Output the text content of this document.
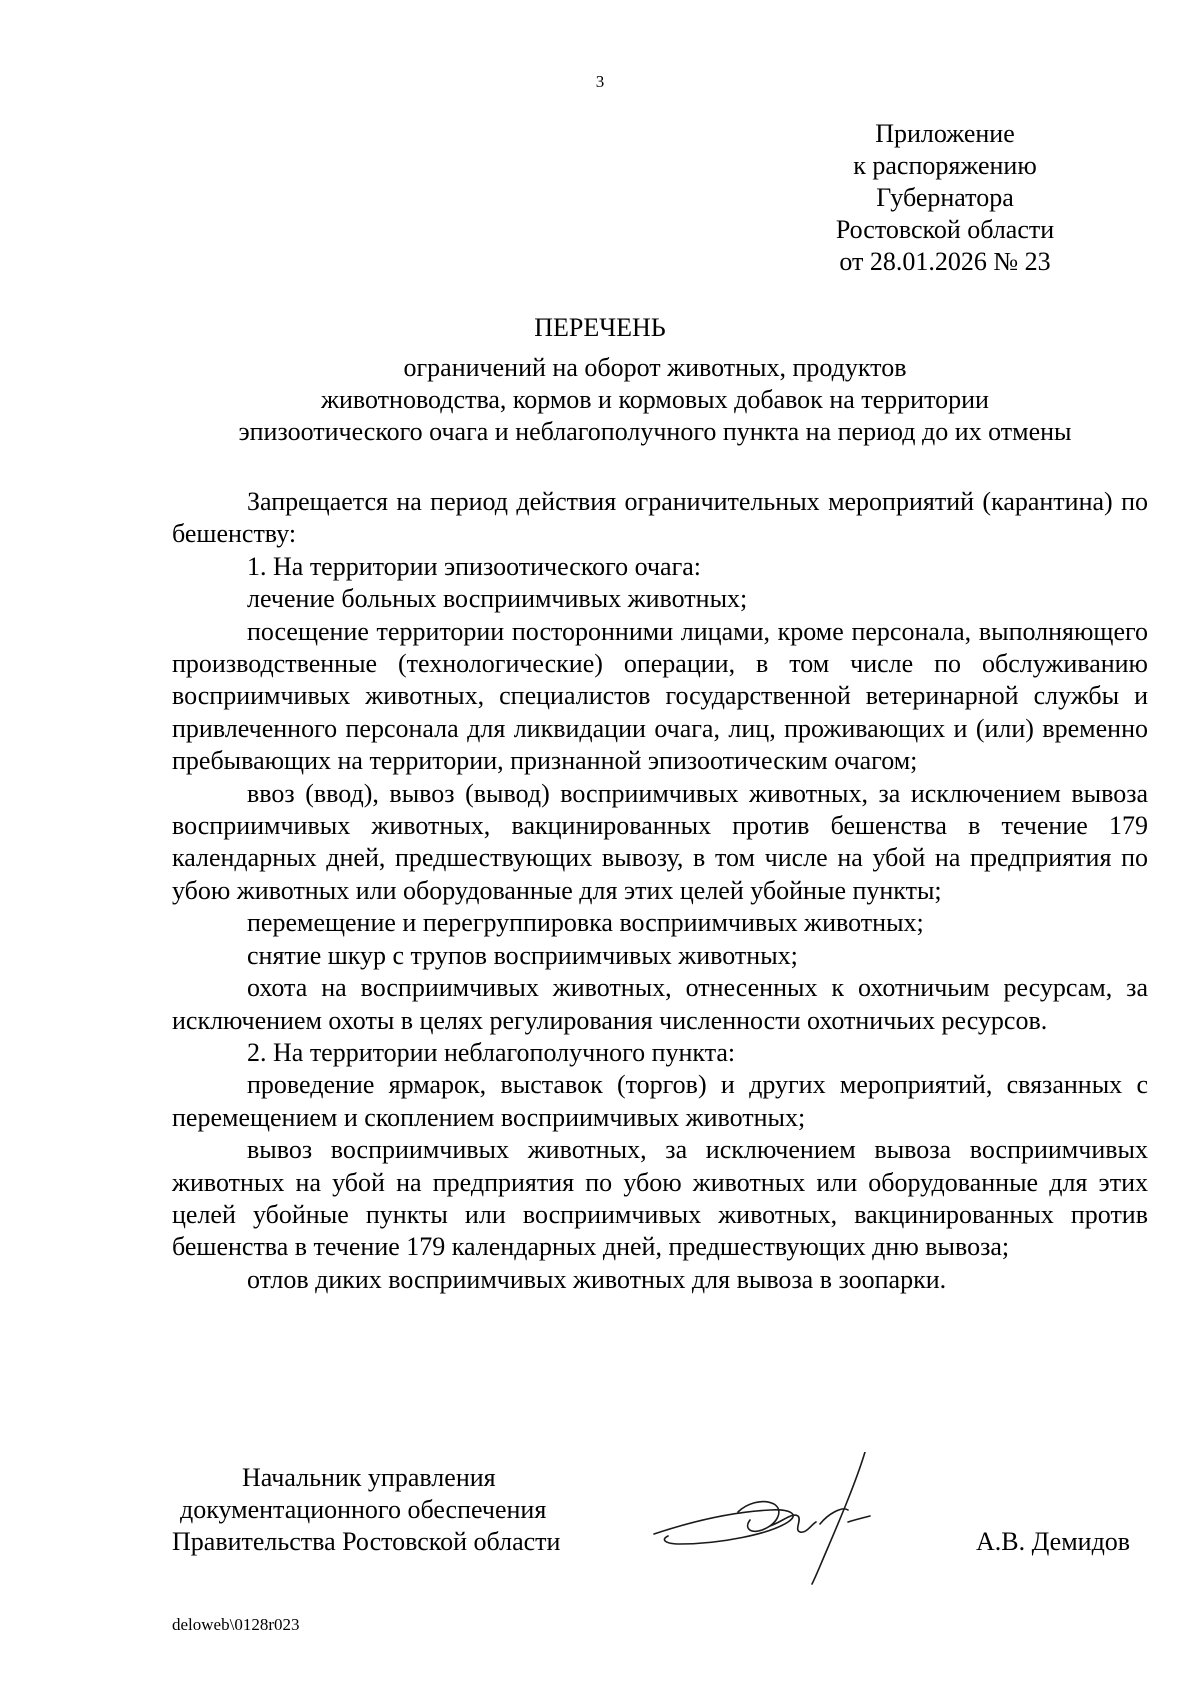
3
Приложение
к распоряжению
Губернатора
Ростовской области
от 28.01.2026 № 23
ПЕРЕЧЕНЬ
ограничений на оборот животных, продуктов
животноводства, кормов и кормовых добавок на территории
эпизоотического очага и неблагополучного пункта на период до их отмены

Запрещается на период действия ограничительных мероприятий (карантина) по бешенству:

1. На территории эпизоотического очага:

лечение больных восприимчивых животных;

посещение территории посторонними лицами, кроме персонала, выполняющего производственные (технологические) операции, в том числе по обслуживанию восприимчивых животных, специалистов государственной ветеринарной службы и привлеченного персонала для ликвидации очага, лиц, проживающих и (или) временно пребывающих на территории, признанной эпизоотическим очагом;

ввоз (ввод), вывоз (вывод) восприимчивых животных, за исключением вывоза восприимчивых животных, вакцинированных против бешенства в течение 179 календарных дней, предшествующих вывозу, в том числе на убой на предприятия по убою животных или оборудованные для этих целей убойные пункты;

перемещение и перегруппировка восприимчивых животных;

снятие шкур с трупов восприимчивых животных;

охота на восприимчивых животных, отнесенных к охотничьим ресурсам, за исключением охоты в целях регулирования численности охотничьих ресурсов.

2. На территории неблагополучного пункта:

проведение ярмарок, выставок (торгов) и других мероприятий, связанных с перемещением и скоплением восприимчивых животных;

вывоз восприимчивых животных, за исключением вывоза восприимчивых животных на убой на предприятия по убою животных или оборудованные для этих целей убойные пункты или восприимчивых животных, вакцинированных против бешенства в течение 179 календарных дней, предшествующих дню вывоза;

отлов диких восприимчивых животных для вывоза в зоопарки.

Начальник управления
документационного обеспечения
Правительства Ростовской области	А.В. Демидов
deloweb\0128r023
